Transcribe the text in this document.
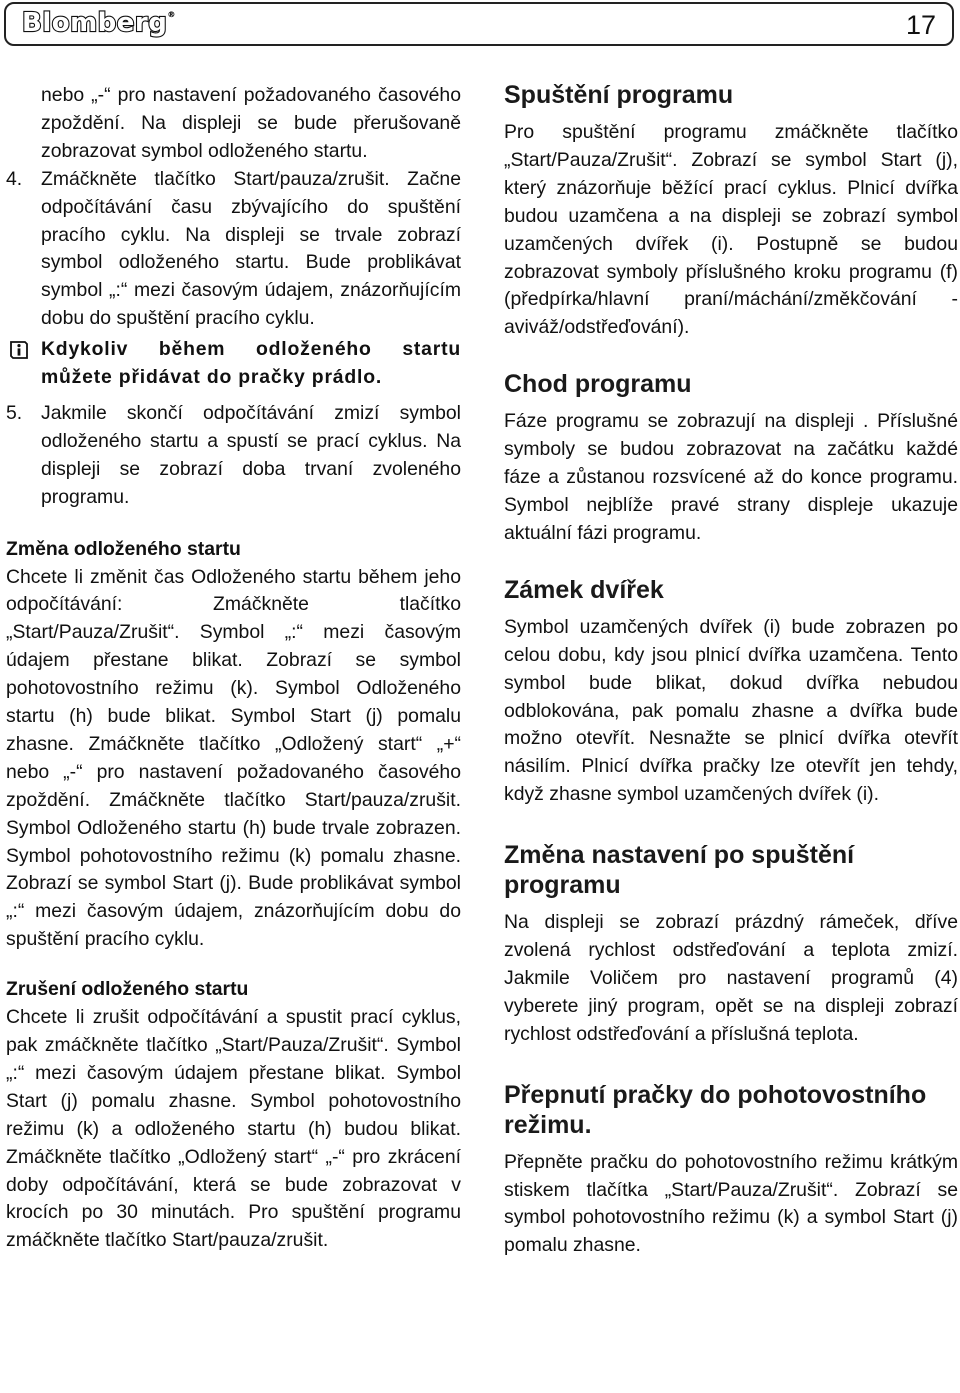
Blomberg®	17
nebo „-“ pro nastavení požadovaného časového zpoždění. Na displeji se bude přerušovaně zobrazovat symbol odloženého startu.
4. Zmáčkněte tlačítko Start/pauza/zrušit. Začne odpočítávání času zbývajícího do spuštění pracího cyklu. Na displeji se trvale zobrazí symbol odloženého startu. Bude problikávat symbol „:“ mezi časovým údajem, znázorňujícím dobu do spuštění pracího cyklu.
Kdykoliv během odloženého startu můžete přidávat do pračky prádlo.
5. Jakmile skončí odpočítávání zmizí symbol odloženého startu a spustí se prací cyklus. Na displeji se zobrazí doba trvaní zvoleného programu.
Změna odloženého startu
Chcete li změnit čas Odloženého startu během jeho odpočítávání: Zmáčkněte tlačítko „Start/Pauza/Zrušit“. Symbol „:“ mezi časovým údajem přestane blikat. Zobrazí se symbol pohotovostního režimu (k). Symbol Odloženého startu (h) bude blikat. Symbol Start (j) pomalu zhasne. Zmáčkněte tlačítko „Odložený start“ „+“ nebo „-“ pro nastavení požadovaného časového zpoždění. Zmáčkněte tlačítko Start/pauza/zrušit. Symbol Odloženého startu (h) bude trvale zobrazen. Symbol pohotovostního režimu (k) pomalu zhasne. Zobrazí se symbol Start (j). Bude problikávat symbol „:“ mezi časovým údajem, znázorňujícím dobu do spuštění pracího cyklu.
Zrušení odloženého startu
Chcete li zrušit odpočítávání a spustit prací cyklus, pak zmáčkněte tlačítko „Start/Pauza/Zrušit“. Symbol „:“ mezi časovým údajem přestane blikat. Symbol Start (j) pomalu zhasne. Symbol pohotovostního režimu (k) a odloženého startu (h) budou blikat. Zmáčkněte tlačítko „Odložený start“ „-“ pro zkrácení doby odpočítávání, která se bude zobrazovat v krocích po 30 minutách. Pro spuštění programu zmáčkněte tlačítko Start/pauza/zrušit.
Spuštění programu
Pro spuštění programu zmáčkněte tlačítko „Start/Pauza/Zrušit“. Zobrazí se symbol Start (j), který znázorňuje běžící prací cyklus. Plnicí dvířka budou uzamčena a na displeji se zobrazí symbol uzamčených dvířek (i). Postupně se budou zobrazovat symboly příslušného kroku programu (f) (předpírka/hlavní praní/máchání/změkčování - aviváž/odstřeďování).
Chod programu
Fáze programu se zobrazují na displeji . Příslušné symboly se budou zobrazovat na začátku každé fáze a zůstanou rozsvícené až do konce programu. Symbol nejblíže pravé strany displeje ukazuje aktuální fázi programu.
Zámek dvířek
Symbol uzamčených dvířek (i) bude zobrazen po celou dobu, kdy jsou plnicí dvířka uzamčena. Tento symbol bude blikat, dokud dvířka nebudou odblokována, pak pomalu zhasne a dvířka bude možno otevřít. Nesnažte se plnicí dvířka otevřít násilím. Plnicí dvířka pračky lze otevřít jen tehdy, když zhasne symbol uzamčených dvířek (i).
Změna nastavení po spuštění programu
Na displeji se zobrazí prázdný rámeček, dříve zvolená rychlost odstřeďování a teplota zmizí. Jakmile Voličem pro nastavení programů (4) vyberete jiný program, opět se na displeji zobrazí rychlost odstřeďování a příslušná teplota.
Přepnutí pračky do pohotovostního režimu.
Přepněte pračku do pohotovostního režimu krátkým stiskem tlačítka „Start/Pauza/Zrušit“. Zobrazí se symbol pohotovostního režimu (k) a symbol Start (j) pomalu zhasne.
